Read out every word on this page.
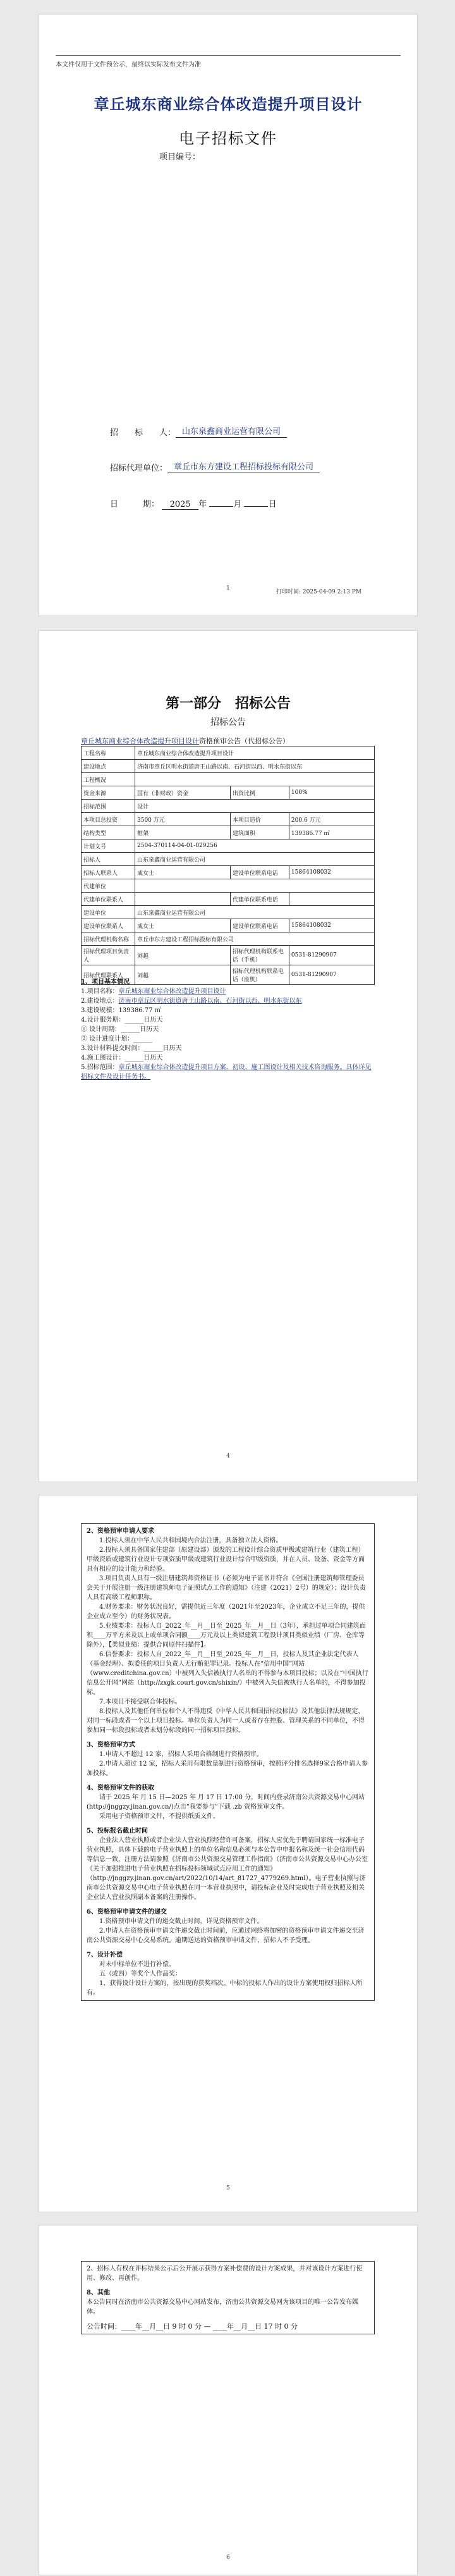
本文件仅用于文件预公示，最终以实际发布文件为准
章丘城东商业综合体改造提升项目设计
电子招标文件
项目编号：
招　　标　　人： 山东泉鑫商业运营有限公司
招标代理单位： 章丘市东方建设工程招标投标有限公司
日　　　期： 2025 年	月	日
1
打印时间: 2025-04-09 2:13 PM
第一部分　招标公告
招标公告
章丘城东商业综合体改造提升项目设计资格预审公告（代招标公告）
工程名称	章丘城东商业综合体改造提升项目设计		
建设地点	济南市章丘区明水街道唐王山路以南、石河街以西、明水东街以东		
工程概况			
资金来源	国有（非财政）资金	出资比例	100%
招标范围	设计		
本项目总投资	3500 万元	本项目造价	200.6 万元
结构类型	框架	建筑面积	139386.77 ㎡
计划文号	2504-370114-04-01-029256		
招标人	山东泉鑫商业运营有限公司		
招标人联系人	成女士	建设单位联系电话	15864108032
代建单位			
代建单位联系人		代建单位联系电话	
建设单位	山东泉鑫商业运营有限公司		
建设单位联系人	成女士	建设单位联系电话	15864108032
招标代理机构名称	章丘市东方建设工程招标投标有限公司		
招标代理项目负责人	刘越	招标代理机构联系电话（手机）	0531-81290907
招标代理联系人	刘越	招标代理机构联系电话（座机）	0531-81290907
1、项目基本情况
1.项目名称：章丘城东商业综合体改造提升项目设计
2.建设地点：济南市章丘区明水街道唐王山路以南、石河街以西、明水东街以东
3.建设规模：139386.77 ㎡
4.设计服务期：______日历天
① 设计周期：______日历天
② 设计进度计划：______
3.设计材料提交时间：______日历天
4.施工图设计：______日历天
5.招标范围：章丘城东商业综合体改造提升项目方案、初设、施工图设计及相关技术咨询服务。具体详见招标文件及设计任务书。
4

2、资格预审申请人要求

1.投标人须在中华人民共和国境内合法注册，具备独立法人资格。

2.投标人须具备国家住建部（原建设部）颁发的工程设计综合资质甲级或建筑行业（建筑工程）甲级资质或建筑行业设计专项资质甲级或建筑行业设计综合甲级资质，并在人员、设备、资金等方面具有相应的设计能力和经验。

3.项目负责人具有一级注册建筑师资格证书（必须为电子证书并符合《全国注册建筑师管理委员会关于开展注册一级注册建筑师电子证照试点工作的通知》（注建（2021）2号）的规定）；设计负责人具有高级工程师职称。

4.财务要求：财务状况良好，需提供近三年度（2021年至2023年，企业成立不足三年的，提供企业成立至今）的财务状况表。

5.业绩要求：投标人自_2022_年__月__日至_2025_年__月__日（3年），承担过单项合同建筑面积____万平方米及以上或单项合同额____万元及以上类似建筑工程设计项目类似业绩（厂房、仓库等除外），【类似业绩：提供合同原件扫描件】。

6.信誉要求：投标人自_2022_年__月__日至_2025_年__月__日，投标人及其企业法定代表人（基金经理）、拟委任的项目负责人无行贿犯罪记录。投标人在“信用中国”网站（www.creditchina.gov.cn）中被列入失信被执行人名单的不得参与本项目投标；以及在“中国执行信息公开网”网站（http://zxgk.court.gov.cn/shixin/）中被列入失信被执行人名单的，不得参加投标。

7.本项目不接受联合体投标。

8.投标人及其他任何单位和个人不得违反《中华人民共和国招标投标法》及其他法律法规规定，对同一标段或者一个以上项目投标。单位负责人为同一人或者存在控股、管理关系的不同单位，不得参加同一标段投标或者未划分标段的同一招标项目投标。

3、资格预审方式

1.申请人不超过 12 家，招标人采用合格制进行资格预审。

2.申请人超过 12 家，招标人采用有限数量制进行资格预审，按照评分排名选择9家合格申请人参加投标。

4、资格预审文件的获取

请于 2025 年 月 15 日—2025 年 月 17 日 17:00 分，时间内登录济南公共资源交易中心网站(http://jnggzy.jinan.gov.cn/)点击“我要参与”下载 .zb 资格预审文件。

采用电子资格预审文件，不提供纸质文件。

5、投标报名截止时间

企业法人营业执照或者企业法人营业执照经营许可备案，招标人应优先于聘请国家统一标准电子营业执照，具体下载的电子营业执照上的单位名称信息必须与本公告中申报名称及统一社会信用代码等信息一致，注册方法请参照《济南市公共资源交易管理工作指南》（济南市公共资源交易中心办公室《关于加强推进电子营业执照在招标投标领域试点应用工作的通知》（http://jnggzy.jinan.gov.cn/art/2022/10/14/art_81727_4779269.html）。电子营业执照与济南市公共资源交易中心电子营业执照在同一本营业执照中，请投标企业及时完成电子营业执照及相关企业法人营业执照副本备案的注册操作。

6、资格预审申请文件的递交

1.资格预审申请文件的递交截止时间，详见资格预审文件。

2.申请人在资格预审申请文件递交截止时间前，应通过网络将加密的资格预审申请文件递交至济南公共资源交易中心交易系统。逾期送达的资格预审申请文件，招标人不予受理。

7、设计补偿

对未中标单位不进行补偿。

五（或四）等奖个人作品奖：

1、获得设计设计方案的，按出现的获奖档次。中标的投标人作出的设计方案使用权归招标人所有。

5

2、招标人有权在评标结果公示后公开展示获得方案补偿费的设计方案成果，并对该设计方案进行使用、修改、再创作。

8、其他

本公告同时在济南市公共资源交易中心网站发布，济南公共资源交易网为该项目的唯一公告发布媒体。

公告时间：____年__月__日 9 时 0 分 — ____年__月__日 17 时 0 分

6
